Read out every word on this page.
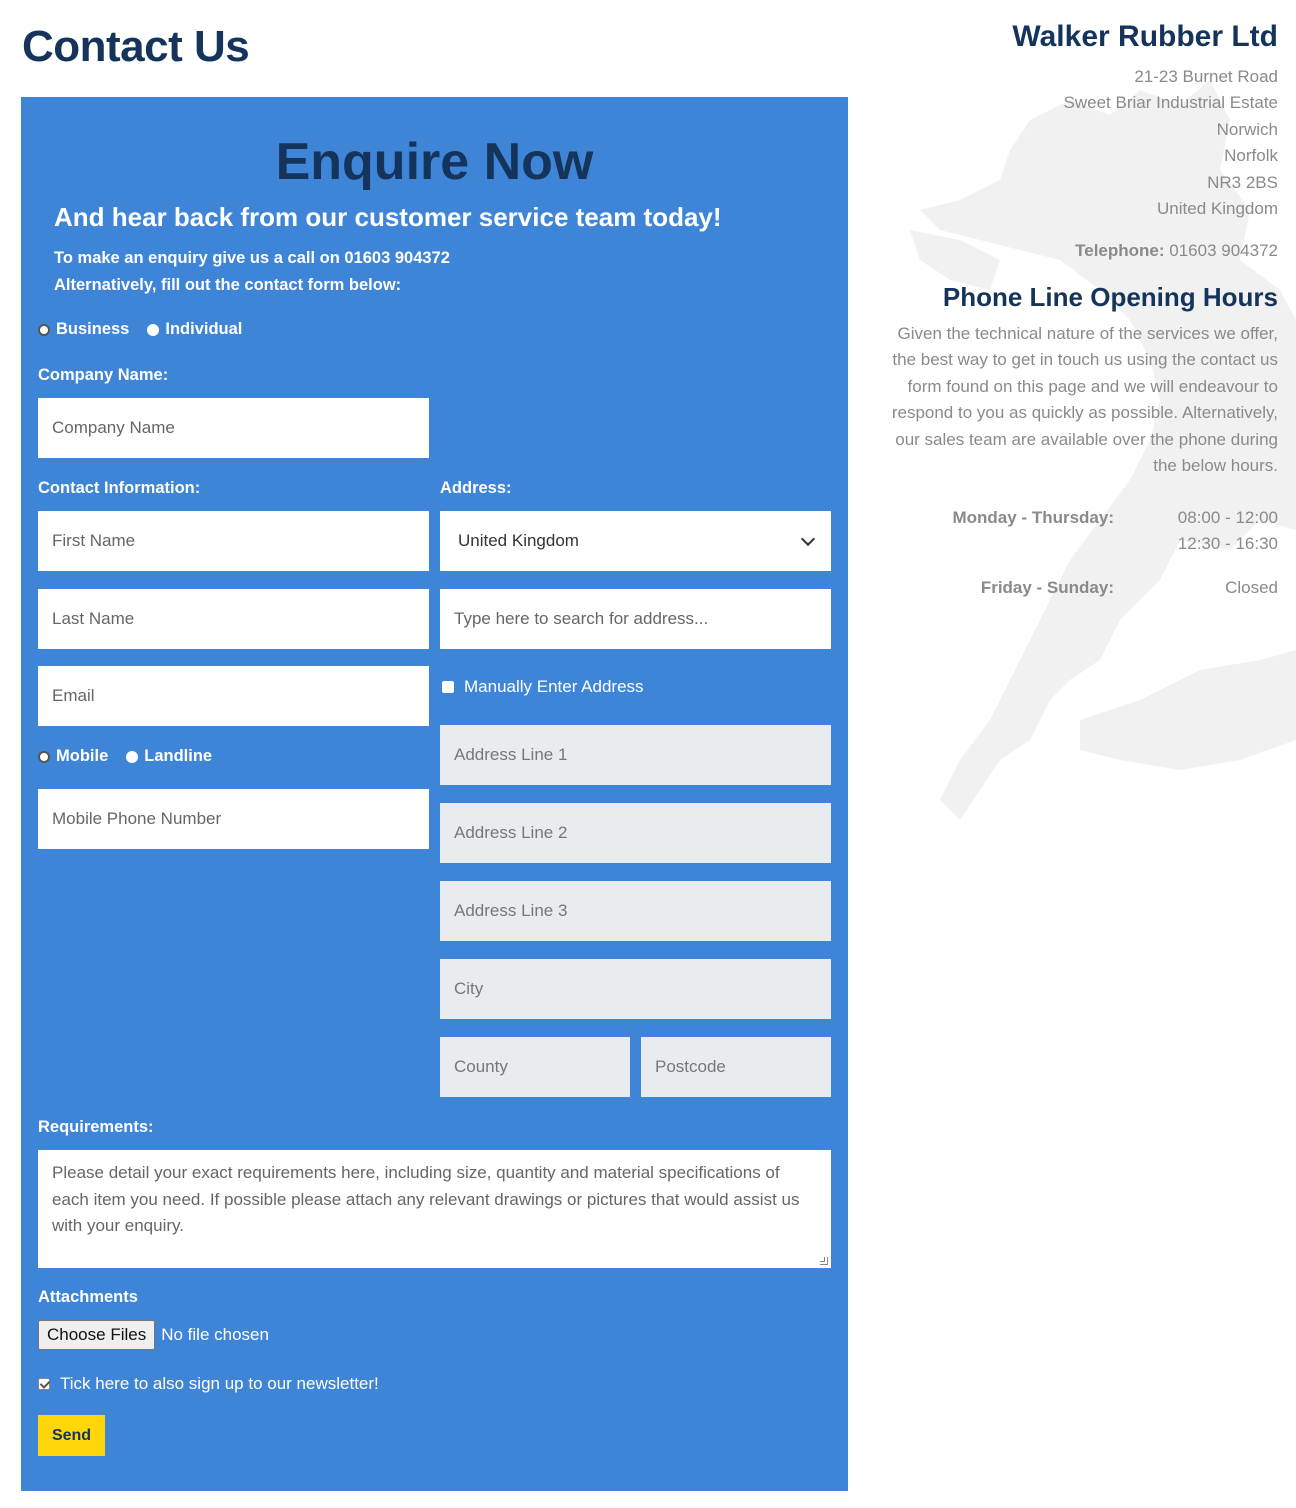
Contact Us
Enquire Now
And hear back from our customer service team today!
To make an enquiry give us a call on 01603 904372
Alternatively, fill out the contact form below:
Business Individual
Company Name:
Company Name
Contact Information:	Address:
First Name	United Kingdom
Last Name	Type here to search for address...
Email	Manually Enter Address
Mobile Landline	Address Line 1
Mobile Phone Number
Address Line 2
Address Line 3
City
County	Postcode
Requirements:
Please detail your exact requirements here, including size, quantity and material specifications of each item you need. If possible please attach any relevant drawings or pictures that would assist us with your enquiry.
Attachments
Choose Files No file chosen
Tick here to also sign up to our newsletter!
Send
Walker Rubber Ltd
21-23 Burnet Road
Sweet Briar Industrial Estate
Norwich
Norfolk
NR3 2BS
United Kingdom
Telephone: 01603 904372
Phone Line Opening Hours
Given the technical nature of the services we offer, the best way to get in touch us using the contact us form found on this page and we will endeavour to respond to you as quickly as possible. Alternatively, our sales team are available over the phone during the below hours.
Monday - Thursday:	08:00 - 12:00
12:30 - 16:30
Friday - Sunday:	Closed
